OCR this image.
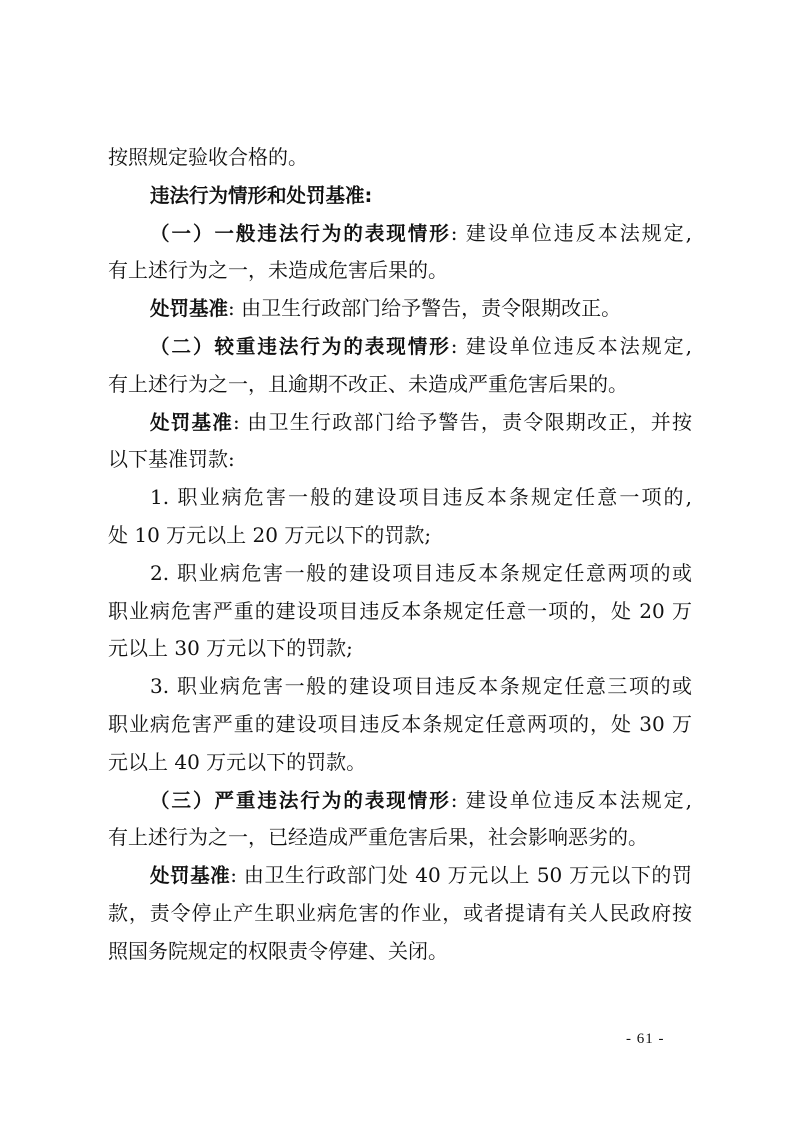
按照规定验收合格的。
违法行为情形和处罚基准:
（一）一般违法行为的表现情形: 建设单位违反本法规定,
有上述行为之一，未造成危害后果的。
处罚基准: 由卫生行政部门给予警告，责令限期改正。
（二）较重违法行为的表现情形: 建设单位违反本法规定,
有上述行为之一，且逾期不改正、未造成严重危害后果的。
处罚基准: 由卫生行政部门给予警告，责令限期改正，并按
以下基准罚款:
1. 职业病危害一般的建设项目违反本条规定任意一项的,
处 10 万元以上 20 万元以下的罚款;
2. 职业病危害一般的建设项目违反本条规定任意两项的或
职业病危害严重的建设项目违反本条规定任意一项的，处 20 万
元以上 30 万元以下的罚款;
3. 职业病危害一般的建设项目违反本条规定任意三项的或
职业病危害严重的建设项目违反本条规定任意两项的，处 30 万
元以上 40 万元以下的罚款。
（三）严重违法行为的表现情形: 建设单位违反本法规定,
有上述行为之一，已经造成严重危害后果，社会影响恶劣的。
处罚基准: 由卫生行政部门处 40 万元以上 50 万元以下的罚
款，责令停止产生职业病危害的作业，或者提请有关人民政府按
照国务院规定的权限责令停建、关闭。
- 61 -
